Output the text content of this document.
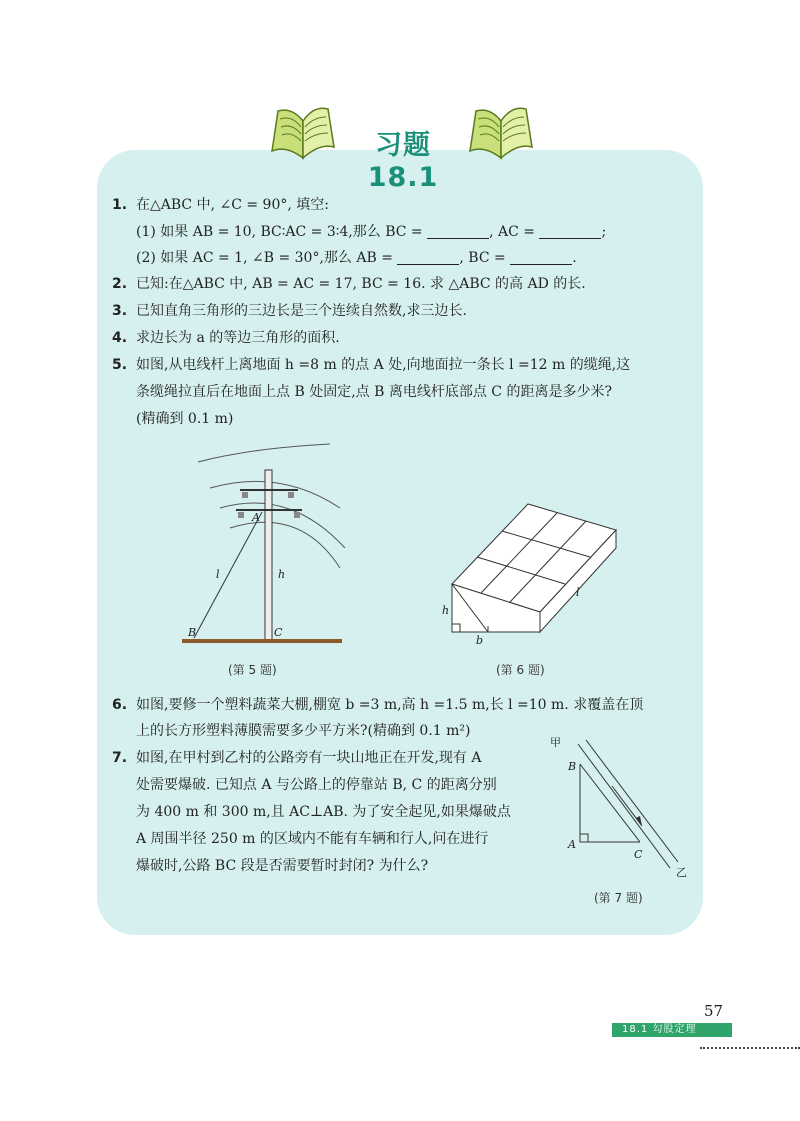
习题 18.1
1. 在△ABC 中, ∠C = 90°, 填空:
(1) 如果 AB = 10, BC∶AC = 3∶4,那么 BC =	, AC =	;
(2) 如果 AC = 1, ∠B = 30°,那么 AB =	, BC =	.
2. 已知:在△ABC 中, AB = AC = 17, BC = 16. 求 △ABC 的高 AD 的长.
3. 已知直角三角形的三边长是三个连续自然数,求三边长.
4. 求边长为 a 的等边三角形的面积.
5. 如图,从电线杆上离地面 h =8 m 的点 A 处,向地面拉一条长 l =12 m 的缆绳,这
条缆绳拉直后在地面上点 B 处固定,点 B 离电线杆底部点 C 的距离是多少米?
(精确到 0.1 m)
A
l	h
B	C
(第 5 题)
h
b
l
(第 6 题)
6. 如图,要修一个塑料蔬菜大棚,棚宽 b =3 m,高 h =1.5 m,长 l =10 m. 求覆盖在顶
上的长方形塑料薄膜需要多少平方米?(精确到 0.1 m²)
7. 如图,在甲村到乙村的公路旁有一块山地正在开发,现有 A
处需要爆破. 已知点 A 与公路上的停靠站 B, C 的距离分别
为 400 m 和 300 m,且 AC⊥AB. 为了安全起见,如果爆破点
A 周围半径 250 m 的区域内不能有车辆和行人,问在进行
爆破时,公路 BC 段是否需要暂时封闭? 为什么?
甲
B
A
C
乙
(第 7 题)
57
18.1 勾股定理
